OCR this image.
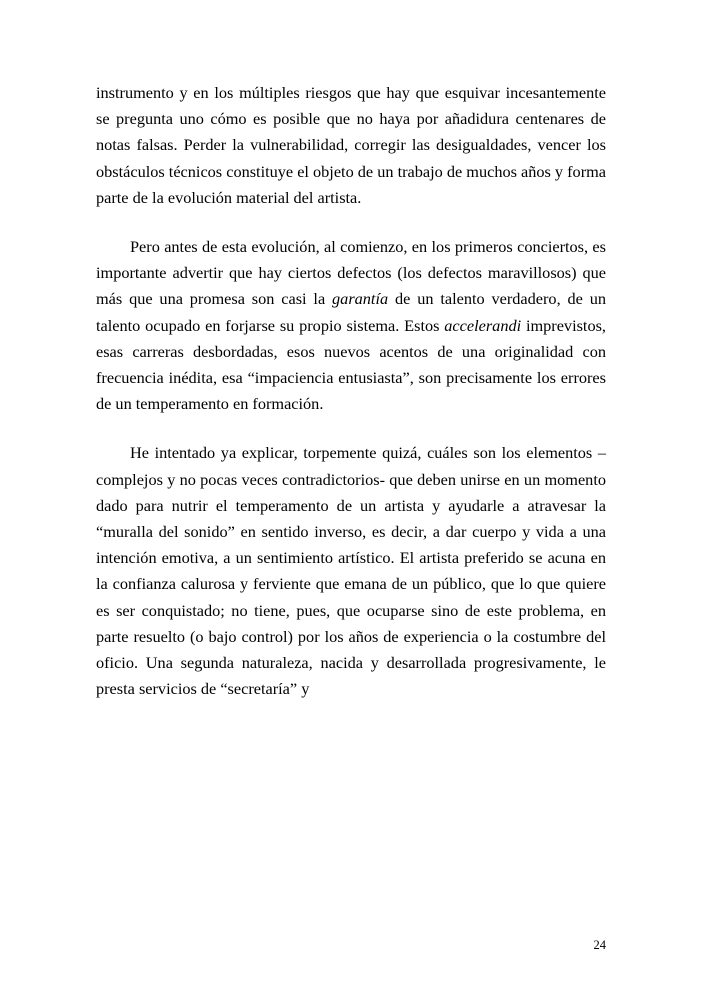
instrumento y en los múltiples riesgos que hay que esquivar incesantemente se pregunta uno cómo es posible que no haya por añadidura centenares de notas falsas. Perder la vulnerabilidad, corregir las desigualdades, vencer los obstáculos técnicos constituye el objeto de un trabajo de muchos años y forma parte de la evolución material del artista.

Pero antes de esta evolución, al comienzo, en los primeros conciertos, es importante advertir que hay ciertos defectos (los defectos maravillosos) que más que una promesa son casi la garantía de un talento verdadero, de un talento ocupado en forjarse su propio sistema. Estos accelerandi imprevistos, esas carreras desbordadas, esos nuevos acentos de una originalidad con frecuencia inédita, esa “impaciencia entusiasta”, son precisamente los errores de un temperamento en formación.

He intentado ya explicar, torpemente quizá, cuáles son los elementos –complejos y no pocas veces contradictorios- que deben unirse en un momento dado para nutrir el temperamento de un artista y ayudarle a atravesar la “muralla del sonido” en sentido inverso, es decir, a dar cuerpo y vida a una intención emotiva, a un sentimiento artístico. El artista preferido se acuna en la confianza calurosa y ferviente que emana de un público, que lo que quiere es ser conquistado; no tiene, pues, que ocuparse sino de este problema, en parte resuelto (o bajo control) por los años de experiencia o la costumbre del oficio. Una segunda naturaleza, nacida y desarrollada progresivamente, le presta servicios de “secretaría” y

24
